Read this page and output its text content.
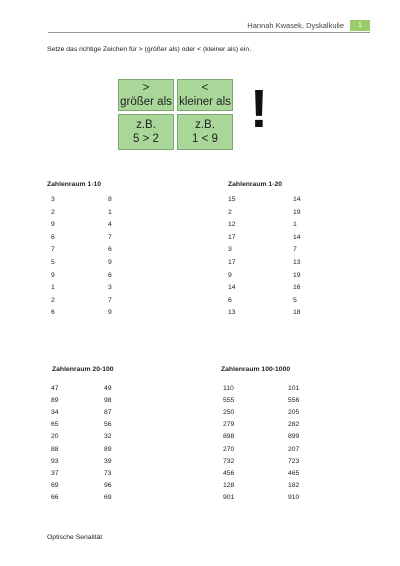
Hannah Kwasek, Dyskalkulie	1
Setze das richtige Zeichen für > (größer als) oder < (kleiner als) ein.
>
größer als
<
kleiner als
z.B.
5 > 2
z.B.
1 < 9 !
Zahlenraum 1-10
3	8
2	1
9	4
6	7
7	6
5	9
9	6
1	3
2	7
6	9
Zahlenraum 1-20
15	14
2	19
12	1
17	14
3	7
17	13
9	19
14	16
6	5
13	18
Zahlenraum 20-100
47	49
89	98
34	87
65	56
20	32
88	89
93	39
37	73
69	96
66	69
Zahlenraum 100-1000
110	101
555	556
250	205
279	282
898	899
270	207
732	723
456	465
128	182
901	910
Optische Serialität
